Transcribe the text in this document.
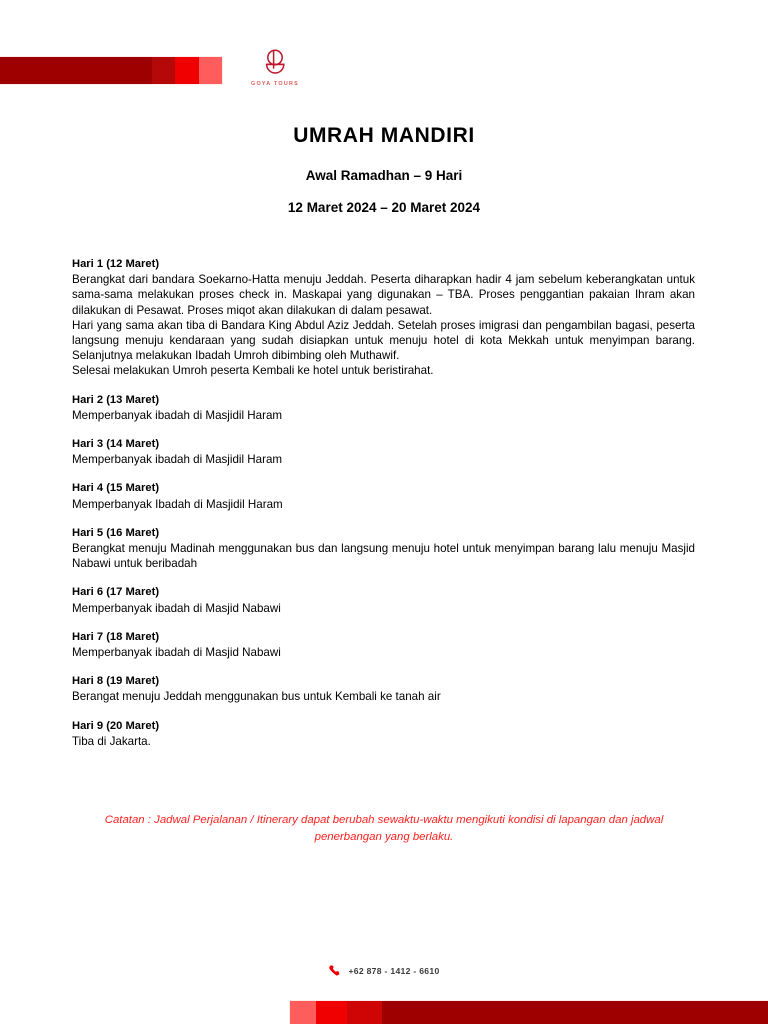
GOYA TOURS
UMRAH MANDIRI

Awal Ramadhan – 9 Hari

12 Maret 2024 – 20 Maret 2024

Hari 1 (12 Maret)

Berangkat dari bandara Soekarno-Hatta menuju Jeddah. Peserta diharapkan hadir 4 jam sebelum keberangkatan untuk sama-sama melakukan proses check in. Maskapai yang digunakan – TBA. Proses penggantian pakaian Ihram akan dilakukan di Pesawat. Proses miqot akan dilakukan di dalam pesawat.

Hari yang sama akan tiba di Bandara King Abdul Aziz Jeddah. Setelah proses imigrasi dan pengambilan bagasi, peserta langsung menuju kendaraan yang sudah disiapkan untuk menuju hotel di kota Mekkah untuk menyimpan barang. Selanjutnya melakukan Ibadah Umroh dibimbing oleh Muthawif.

Selesai melakukan Umroh peserta Kembali ke hotel untuk beristirahat.

Hari 2 (13 Maret)

Memperbanyak ibadah di Masjidil Haram

Hari 3 (14 Maret)

Memperbanyak ibadah di Masjidil Haram

Hari 4 (15 Maret)

Memperbanyak Ibadah di Masjidil Haram

Hari 5 (16 Maret)

Berangkat menuju Madinah menggunakan bus dan langsung menuju hotel untuk menyimpan barang lalu menuju Masjid Nabawi untuk beribadah

Hari 6 (17 Maret)

Memperbanyak ibadah di Masjid Nabawi

Hari 7 (18 Maret)

Memperbanyak ibadah di Masjid Nabawi

Hari 8 (19 Maret)

Berangat menuju Jeddah menggunakan bus untuk Kembali ke tanah air

Hari 9 (20 Maret)

Tiba di Jakarta.

Catatan : Jadwal Perjalanan / Itinerary dapat berubah sewaktu-waktu mengikuti kondisi di lapangan dan jadwal penerbangan yang berlaku.

+62 878 - 1412 - 6610
